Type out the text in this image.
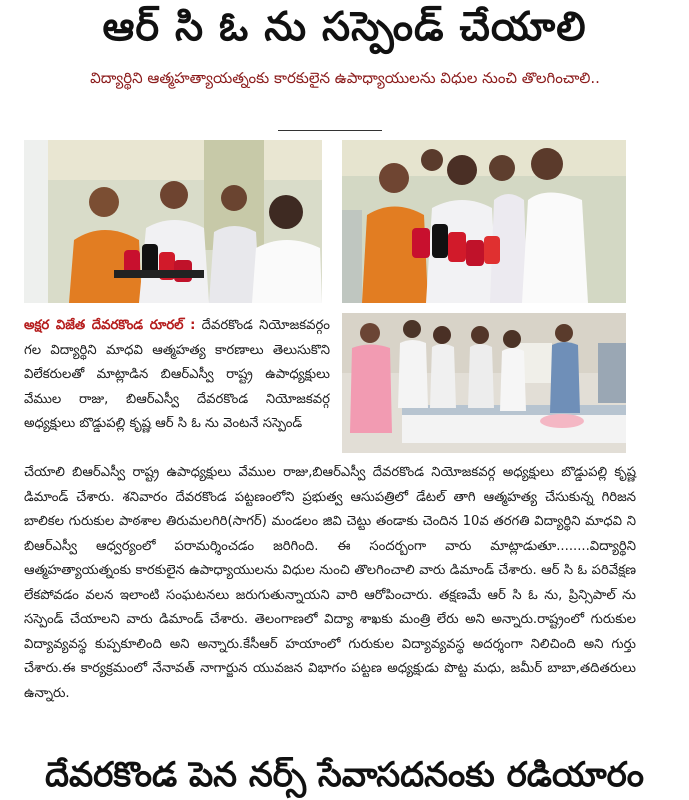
ఆర్ సి ఓ ను సస్పెండ్ చేయాలి
విద్యార్థిని ఆత్మహత్యాయత్నంకు కారకులైన ఉపాధ్యాయులను విధుల నుంచి తొలగించాలి..
అక్షర విజేత దేవరకొండ రూరల్ : దేవరకొండ నియోజకవర్గం గల విద్యార్థిని మాధవి ఆత్మహత్య కారణాలు తెలుసుకొని విలేకరులతో మాట్లాడిన బిఆర్ఎస్వీ రాష్ట్ర ఉపాధ్యక్షులు వేముల రాజు, బిఆర్ఎస్వీ దేవరకొండ నియోజకవర్గ అధ్యక్షులు బొడ్డుపల్లి కృష్ణ ఆర్ సి ఓ ను వెంటనే సస్పెండ్
చేయాలి బిఆర్ఎస్వీ రాష్ట్ర ఉపాధ్యక్షులు వేముల రాజు,బిఆర్ఎస్వీ దేవరకొండ నియోజకవర్గ అధ్యక్షులు బొడ్డుపల్లి కృష్ణ డిమాండ్ చేశారు. శనివారం దేవరకొండ పట్టణంలోని ప్రభుత్వ ఆసుపత్రిలో డేటల్ తాగి ఆత్మహత్య చేసుకున్న గిరిజన బాలికల గురుకుల పాఠశాల తిరుమలగిరి(సాగర్) మండలం జివి చెట్టు తండాకు చెందిన 10వ తరగతి విద్యార్థిని మాధవి ని బిఆర్ఎస్వీ ఆధ్వర్యంలో పరామర్శించడం జరిగింది. ఈ సందర్బంగా వారు మాట్లాడుతూ........విద్యార్థిని ఆత్మహత్యాయత్నంకు కారకులైన ఉపాధ్యాయులను విధుల నుంచి తొలగించాలి వారు డిమాండ్ చేశారు. ఆర్ సి ఓ పరివేక్షణ లేకపోవడం వలన ఇలాంటి సంఘటనలు జరుగుతున్నాయని వారి ఆరోపించారు. తక్షణమే ఆర్ సి ఓ ను, ప్రిన్సిపాల్ ను సస్పెండ్ చేయాలని వారు డిమాండ్ చేశారు. తెలంగాణలో విద్యా శాఖకు మంత్రి లేరు అని అన్నారు.రాష్ట్రంలో గురుకుల విద్యావ్యవస్థ కుప్పకూలింది అని అన్నారు.కేసీఆర్ హయాంలో గురుకుల విద్యావ్యవస్థ అదర్శంగా నిలిచింది అని గుర్తు చేశారు.ఈ కార్యక్రమంలో నేనావత్ నాగార్జున యువజన విభాగం పట్టణ అధ్యక్షుడు పొట్ట మధు, జమీర్ బాబా,తదితరులు ఉన్నారు.
దేవరకొండ పెన నర్స్ సేవాసదనంకు రడియారం
